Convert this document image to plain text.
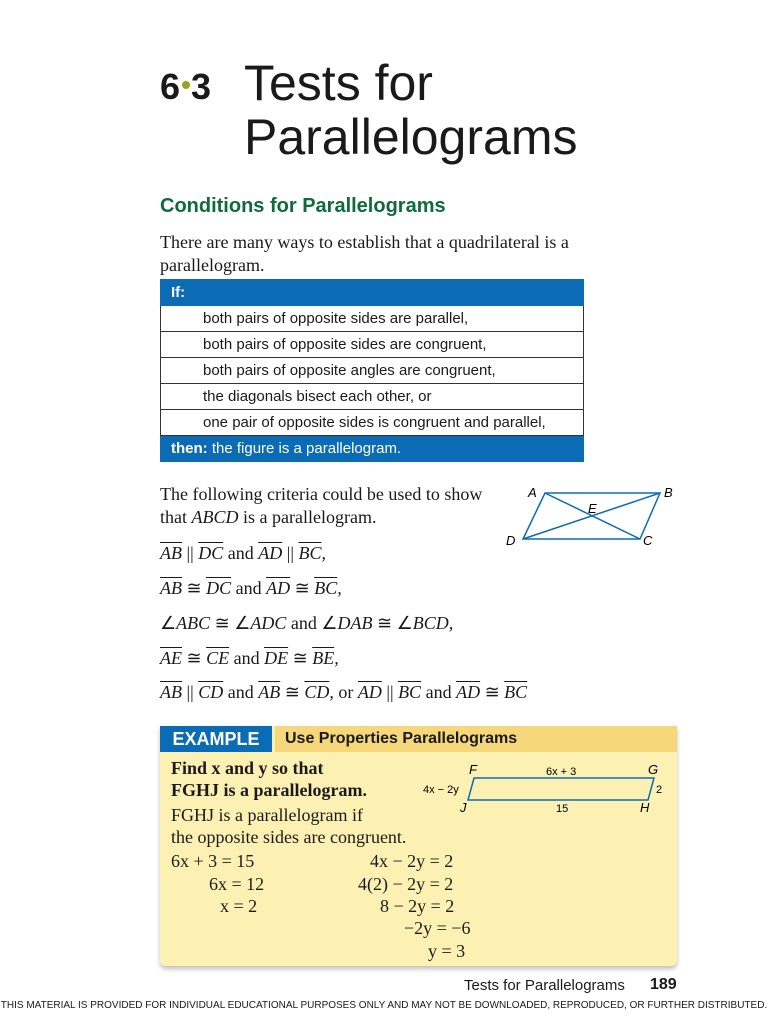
6 3 Tests for
Parallelograms
Conditions for Parallelograms
There are many ways to establish that a quadrilateral is a parallelogram.
If:
both pairs of opposite sides are parallel,
both pairs of opposite sides are congruent,
both pairs of opposite angles are congruent,
the diagonals bisect each other, or
one pair of opposite sides is congruent and parallel,
then: the figure is a parallelogram.
The following criteria could be used to show that ABCD is a parallelogram.
A	B
C
D
E
$\overline{AB}$ || $\overline{DC}$ and $\overline{AD}$ || $\overline{BC}$,
$\overline{AB}$ ≅ $\overline{DC}$ and $\overline{AD}$ ≅ $\overline{BC}$,
∠ABC ≅ ∠ADC and ∠DAB ≅ ∠BCD,
$\overline{AE}$ ≅ $\overline{CE}$ and $\overline{DE}$ ≅ $\overline{BE}$,
$\overline{AB}$ || $\overline{CD}$ and $\overline{AB}$ ≅ $\overline{CD}$, or $\overline{AD}$ || $\overline{BC}$ and $\overline{AD}$ ≅ $\overline{BC}$
EXAMPLE	Use Properties Parallelograms
Find x and y so that
FGHJ is a parallelogram.
FGHJ is a parallelogram if
the opposite sides are congruent.
F	G
H
J
6x + 3
4x − 2y	2
15
6x + 3 = 15
6x = 12
x = 2
4x − 2y = 2
4(2) − 2y = 2
8 − 2y = 2
−2y = −6
y = 3
Tests for Parallelograms 189
THIS MATERIAL IS PROVIDED FOR INDIVIDUAL EDUCATIONAL PURPOSES ONLY AND MAY NOT BE DOWNLOADED, REPRODUCED, OR FURTHER DISTRIBUTED.
